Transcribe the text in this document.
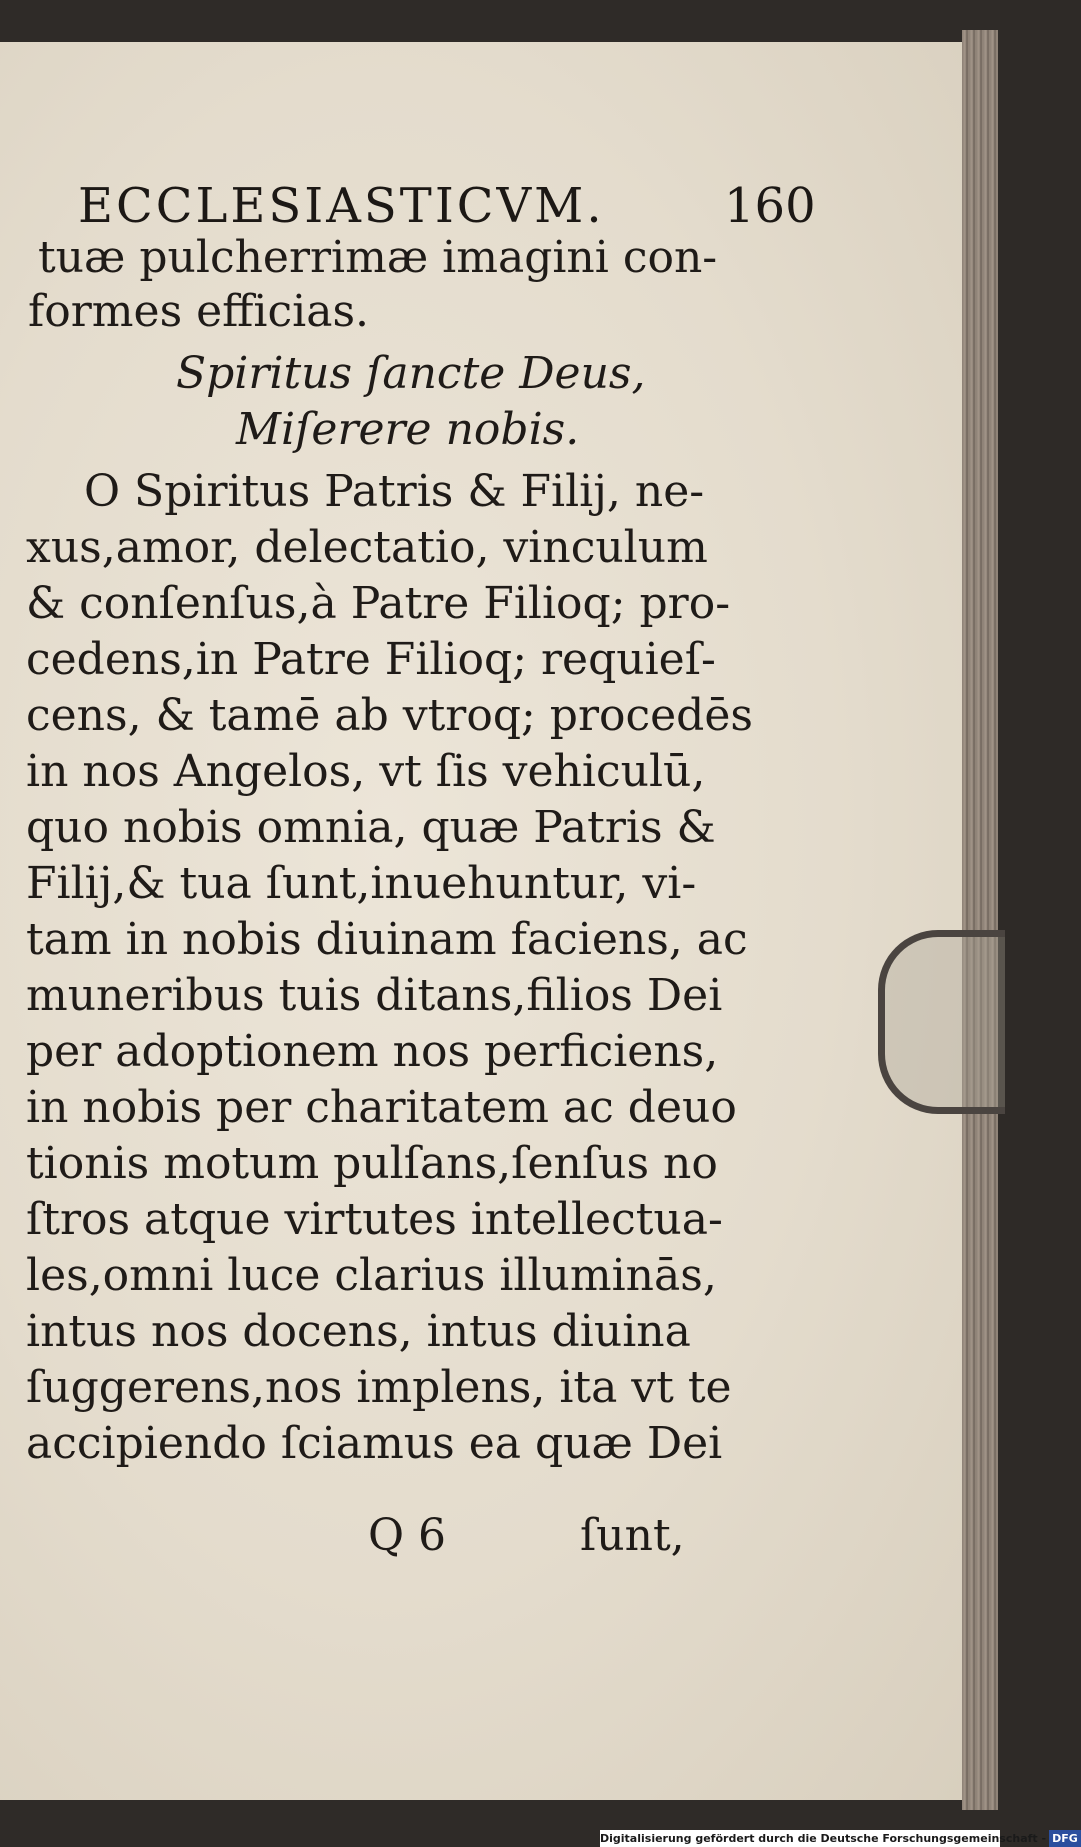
ECCLESIASTICVM. 160
tuæ pulcherrimæ imagini con-
formes efficias.
Spiritus ſancte Deus,
Miſerere nobis.
O Spiritus Patris & Filij, ne-
xus,amor, delectatio, vinculum
& conſenſus,à Patre Filioq; pro-
cedens,in Patre Filioq; requieſ-
cens, & tamē ab vtroq; procedēs
in nos Angelos, vt ſis vehiculū,
quo nobis omnia, quæ Patris &
Filij,& tua ſunt,inuehuntur, vi-
tam in nobis diuinam faciens, ac
muneribus tuis ditans,filios Dei
per adoptionem nos perficiens,
in nobis per charitatem ac deuo
tionis motum pulſans,ſenſus no
ſtros atque virtutes intellectua-
les,omni luce clarius illuminās,
intus nos docens, intus diuina
ſuggerens,nos implens, ita vt te
accipiendo ſciamus ea quæ Dei
Q 6	ſunt,
Digitalisierung gefördert durch die Deutsche Forschungsgemeinschaft - DFG
